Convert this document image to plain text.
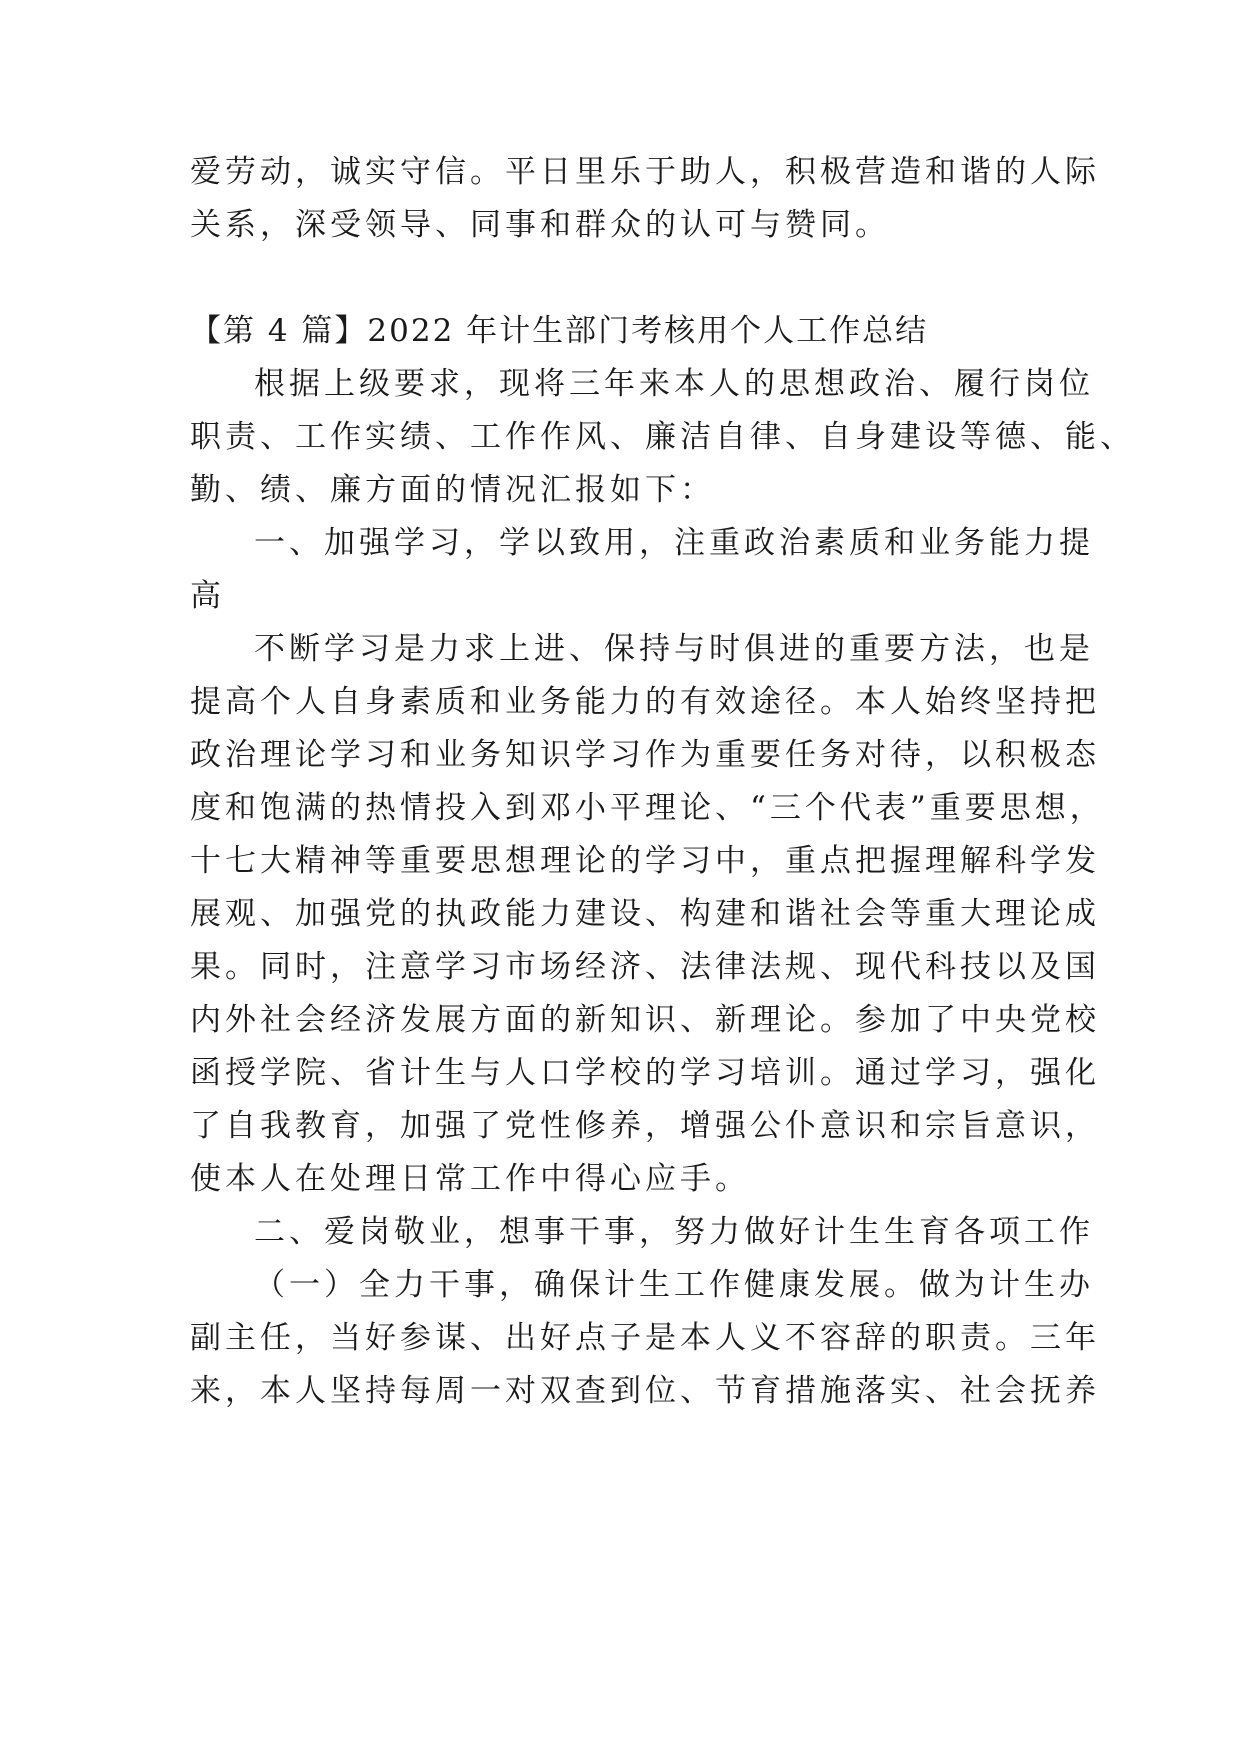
爱劳动，诚实守信。平日里乐于助人，积极营造和谐的人际
关系，深受领导、同事和群众的认可与赞同。
【第 4 篇】2022 年计生部门考核用个人工作总结
根据上级要求，现将三年来本人的思想政治、履行岗位
职责、工作实绩、工作作风、廉洁自律、自身建设等德、能、
勤、绩、廉方面的情况汇报如下：
一、加强学习，学以致用，注重政治素质和业务能力提
高
不断学习是力求上进、保持与时俱进的重要方法，也是
提高个人自身素质和业务能力的有效途径。本人始终坚持把
政治理论学习和业务知识学习作为重要任务对待，以积极态
度和饱满的热情投入到邓小平理论、“三个代表”重要思想，
十七大精神等重要思想理论的学习中，重点把握理解科学发
展观、加强党的执政能力建设、构建和谐社会等重大理论成
果。同时，注意学习市场经济、法律法规、现代科技以及国
内外社会经济发展方面的新知识、新理论。参加了中央党校
函授学院、省计生与人口学校的学习培训。通过学习，强化
了自我教育，加强了党性修养，增强公仆意识和宗旨意识，
使本人在处理日常工作中得心应手。
二、爱岗敬业，想事干事，努力做好计生生育各项工作
（一）全力干事，确保计生工作健康发展。做为计生办
副主任，当好参谋、出好点子是本人义不容辞的职责。三年
来，本人坚持每周一对双查到位、节育措施落实、社会抚养
